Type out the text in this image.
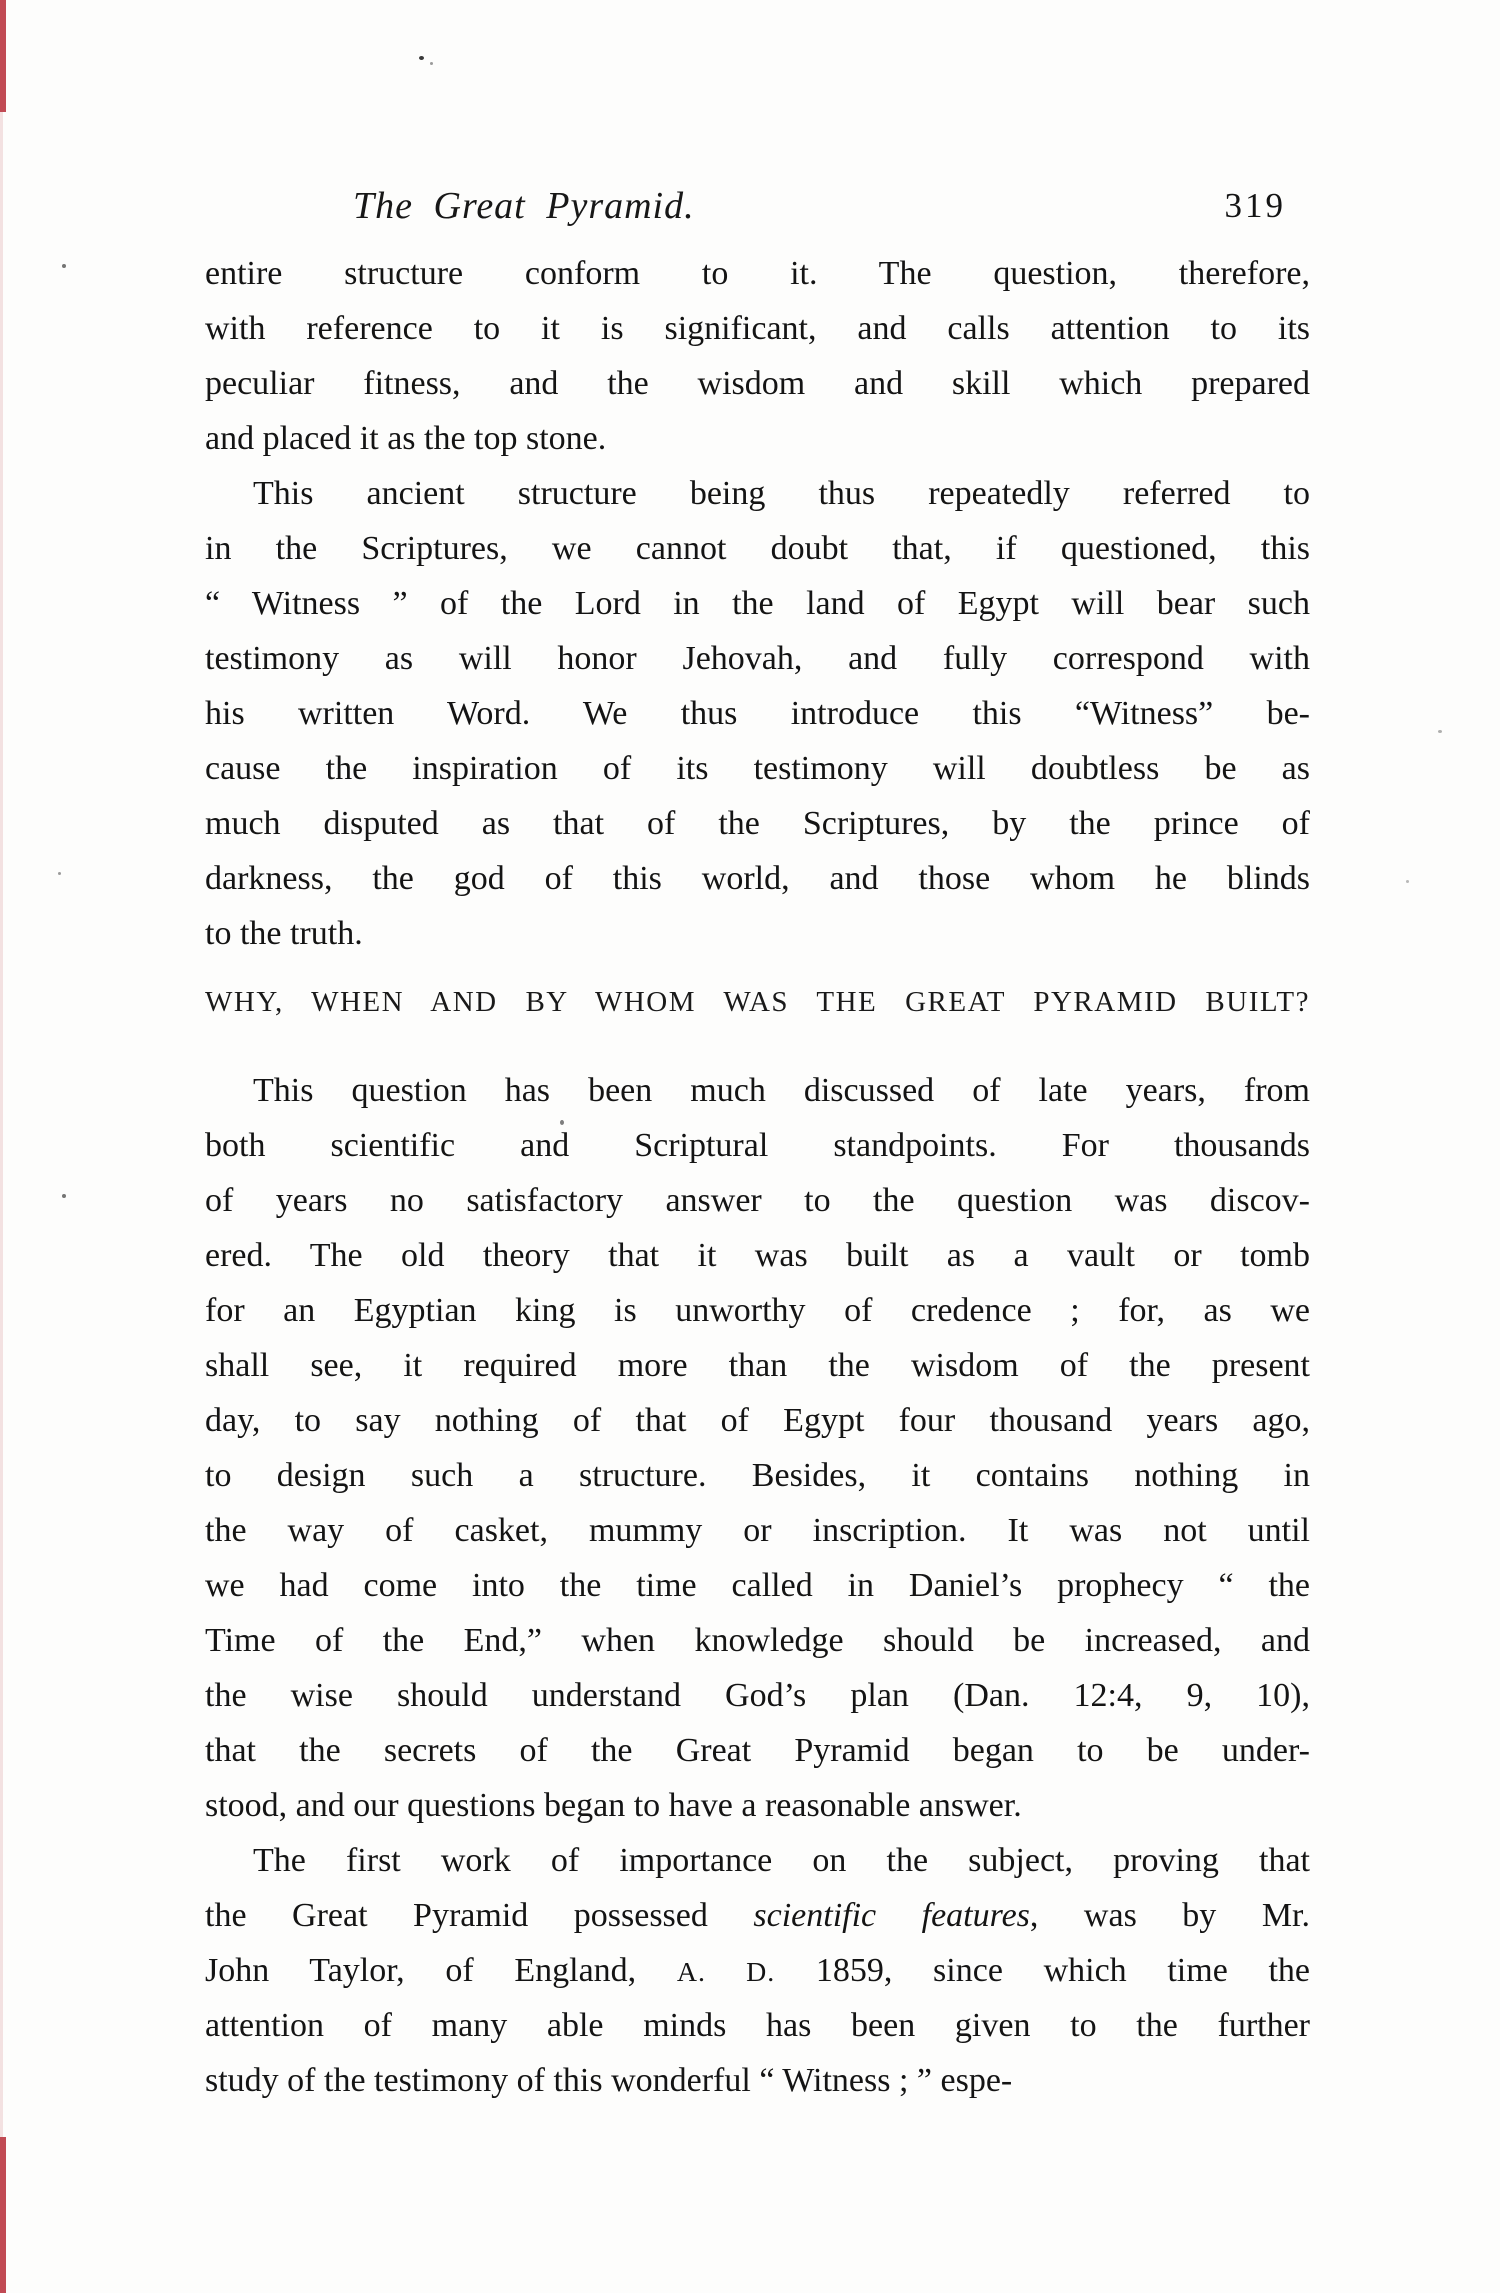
The Great Pyramid.	319
entire structure conform to it. The question, therefore,
with reference to it is significant, and calls attention to its
peculiar fitness, and the wisdom and skill which prepared
and placed it as the top stone.
This ancient structure being thus repeatedly referred to
in the Scriptures, we cannot doubt that, if questioned, this
“ Witness ” of the Lord in the land of Egypt will bear such
testimony as will honor Jehovah, and fully correspond with
his written Word. We thus introduce this “Witness” be-
cause the inspiration of its testimony will doubtless be as
much disputed as that of the Scriptures, by the prince of
darkness, the god of this world, and those whom he blinds
to the truth.
WHY, WHEN AND BY WHOM WAS THE GREAT PYRAMID BUILT?
This question has been much discussed of late years, from
both scientific and Scriptural standpoints. For thousands
of years no satisfactory answer to the question was discov-
ered. The old theory that it was built as a vault or tomb
for an Egyptian king is unworthy of credence ; for, as we
shall see, it required more than the wisdom of the present
day, to say nothing of that of Egypt four thousand years ago,
to design such a structure. Besides, it contains nothing in
the way of casket, mummy or inscription. It was not until
we had come into the time called in Daniel’s prophecy “ the
Time of the End,” when knowledge should be increased, and
the wise should understand God’s plan (Dan. 12:4, 9, 10),
that the secrets of the Great Pyramid began to be under-
stood, and our questions began to have a reasonable answer.
The first work of importance on the subject, proving that
the Great Pyramid possessed scientific features, was by Mr.
John Taylor, of England, A. D. 1859, since which time the
attention of many able minds has been given to the further
study of the testimony of this wonderful “ Witness ; ” espe-
